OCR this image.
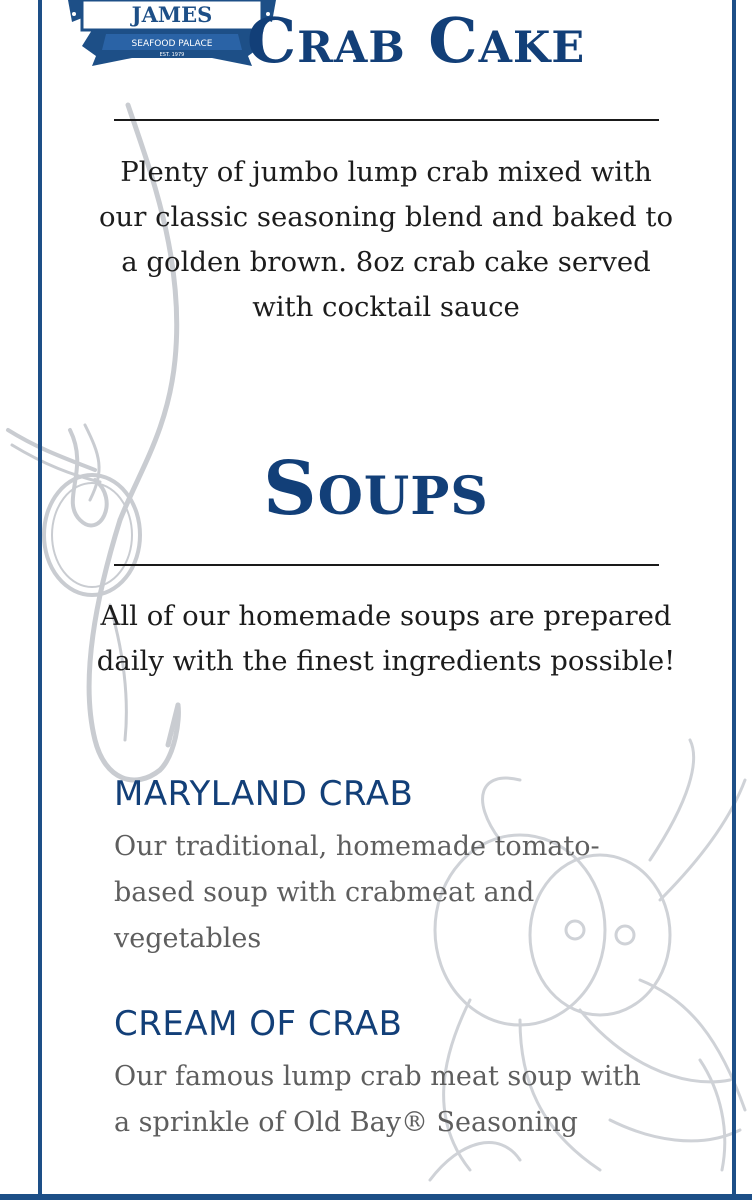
JAMES
SEAFOOD PALACE
EST. 1979	Crab Cake
Plenty of jumbo lump crab mixed with our classic seasoning blend and baked to a golden brown. 8oz crab cake served with cocktail sauce
Soups
All of our homemade soups are prepared daily with the finest ingredients possible!
MARYLAND CRAB
Our traditional, homemade tomato-based soup with crabmeat and vegetables
CREAM OF CRAB
Our famous lump crab meat soup with a sprinkle of Old Bay® Seasoning
